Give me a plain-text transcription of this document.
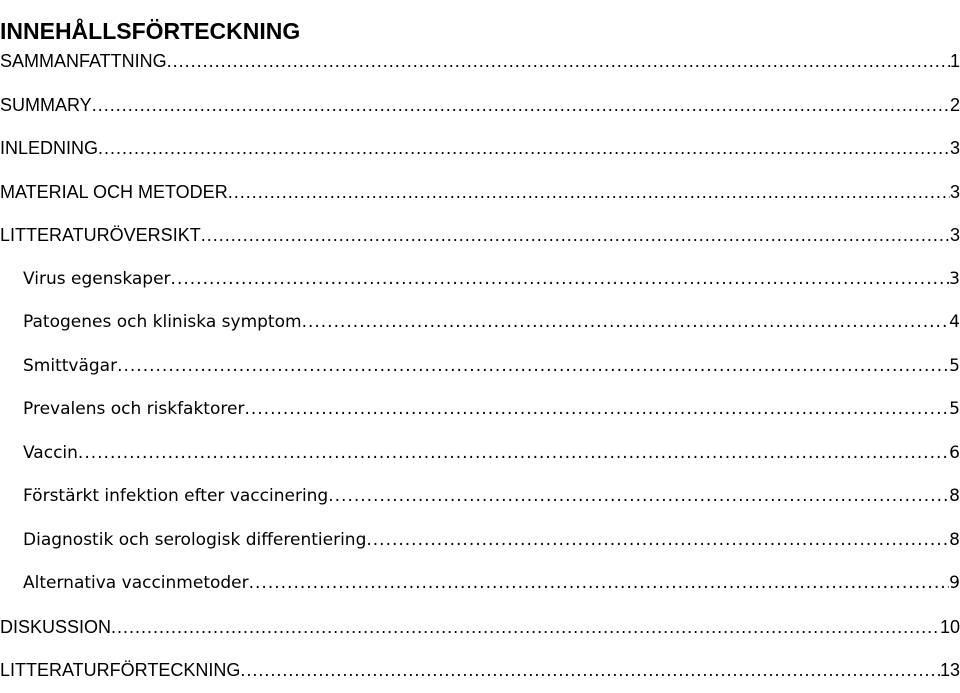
INNEHÅLLSFÖRTECKNING
SAMMANFATTNING .....	1
SUMMARY .....	2
INLEDNING .....	3
MATERIAL OCH METODER .....	3
LITTERATURÖVERSIKT .....	3
Virus egenskaper .....	3
Patogenes och kliniska symptom .....	4
Smittvägar .....	5
Prevalens och riskfaktorer .....	5
Vaccin .....	6
Förstärkt infektion efter vaccinering .....	8
Diagnostik och serologisk differentiering .....	8
Alternativa vaccinmetoder .....	9
DISKUSSION .....	10
LITTERATURFÖRTECKNING .....	13
